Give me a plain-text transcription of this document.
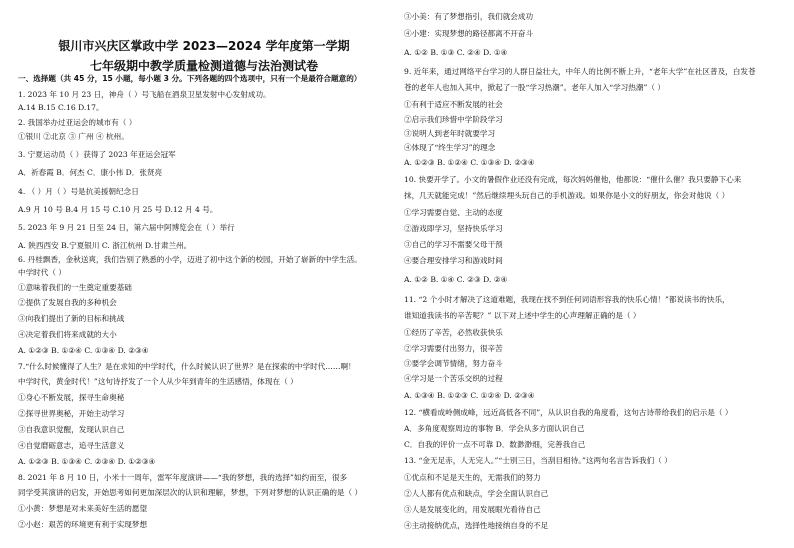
银川市兴庆区掌政中学 2023—2024 学年度第一学期
七年级期中教学质量检测道德与法治测试卷
一、选择题（共 45 分，15 小题，每小题 3 分。下列各题的四个选项中，只有一个是最符合题意的）
1. 2023 年 10 月 23 日，神舟（ ）号飞船在酒泉卫星发射中心发射成功。
A.14 B.15 C.16 D.17。
2. 我国举办过亚运会的城市有（ ）
①银川 ②北京 ③ 广州 ④ 杭州。
3. 宁夏运动员（ ）获得了 2023 年亚运会冠军
A．祈春霞 B．何杰 C．康小伟 D．张贤亮
4. （ ）月（ ）号是抗美援朝纪念日
A.9 月 10 号 B.4 月 15 号 C.10 月 25 号 D.12 月 4 号。
5. 2023 年 9 月 21 日至 24 日，第六届中阿博览会在（ ）举行
A. 陕西西安 B.宁夏银川 C. 浙江杭州 D.甘肃兰州。
6. 丹桂飘香，金秋送爽，我们告别了熟悉的小学，迈进了初中这个新的校园，开始了崭新的中学生活。
中学时代（ ）
①意味着我们的一生奠定重要基础
②提供了发展自我的多种机会
③向我们提出了新的目标和挑战
④决定着我们将来成就的大小
A. ①②③ B. ①②④ C. ①③④ D. ②③④
7.“什么时候懂得了人生？是在求知的中学时代，什么时候认识了世界？是在探索的中学时代……啊！
中学时代，黄金时代！”这句诗抒发了一个人从少年到青年的生活感悟，体现在（ ）
①身心不断发展，探寻生命奥秘
②探寻世界奥秘，开始主动学习
③自我意识觉醒，发现认识自己
④自觉磨砺意志，追寻生活意义
A. ①②③ B. ①③④ C. ②③④ D. ①②③④
8. 2021 年 8 月 10 日，小米十一周年，雷军年度演讲——“我的梦想，我的选择”如约而至，很多
同学受其演讲的启发，开始思考如何更加深层次的认识和理解，梦想，下列对梦想的认识正确的是（ ）
①小黄：梦想是对未来美好生活的愿望
②小赵：艰苦的环境更有利于实现梦想
③小美：有了梦想指引，我们就会成功
④小建：实现梦想的路径都离不开奋斗
A. ①② B. ①③ C. ②④ D. ①④
9. 近年来，通过网络平台学习的人群日益壮大，中年人的比例不断上升，“老年大学”在社区普及，白发苍
苍的老年人也加入其中，掀起了一股“学习热潮”。老年人加入“学习热潮”（ ）
①有利于适应不断发展的社会
②启示我们珍惜中学阶段学习
③说明人到老年时就要学习
④体现了“终生学习”的理念
A. ①②③ B. ①②④ C. ①③④ D. ②③④
10. 快要开学了。小文的暑假作业还没有完成，每次妈妈催他，他都说：“催什么催？我只要静下心来
抹，几天就能完成！”然后继续埋头玩自己的手机游戏。如果你是小文的好朋友，你会对他说（ ）
①学习需要自觉、主动的态度
②游戏即学习，坚持快乐学习
③自己的学习不需要父母干预
④要合理安排学习和游戏时间
A. ①② B. ①④ C. ②③ D. ②④
11. “2 个小时才解决了这道难题，我现在找不到任何词语形容我的快乐心情！”都说读书的快乐，
谁知道我读书的辛苦呢？” 以下对上述中学生的心声理解正确的是（ ）
①经历了辛苦，必然收获快乐
②学习需要付出努力，很辛苦
③要学会调节情绪，努力奋斗
④学习是一个苦乐交织的过程
A. ①③④ B. ①②③ C. ①②④ D. ②③④
12. “横看成岭侧成峰，远近高低各不同”，从认识自我的角度看，这句古诗带给我们的启示是（ ）
A．多角度观察周边的事物 B．学会从多方面认识自己
C．自我的评价一点不可靠 D．数渺渺细，完善我自己
13. “金无足赤，人无完人。”“士别三日，当刮目相待。”这两句名言告诉我们（ ）
①优点和不足是天生的，无需我们的努力
②人人都有优点和缺点，学会全面认识自己
③人是发展变化的，用发展眼光看待自己
④主动接纳优点，选择性地接纳自身的不足
